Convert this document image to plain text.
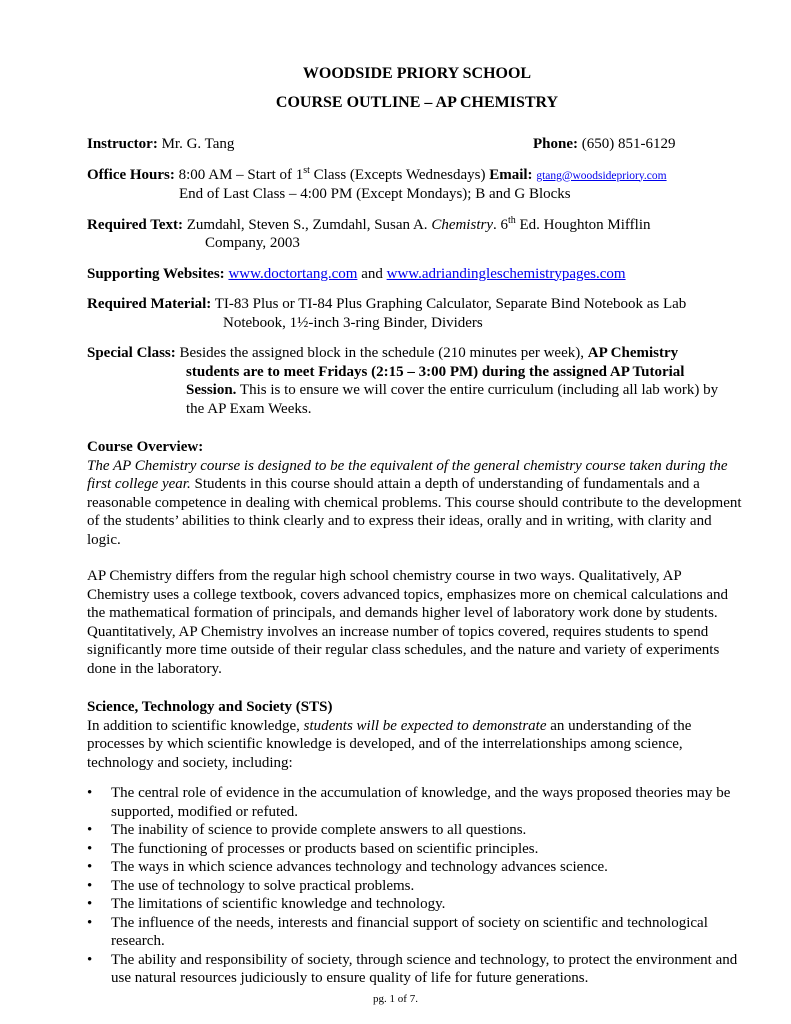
WOODSIDE PRIORY SCHOOL
COURSE OUTLINE – AP CHEMISTRY
Instructor: Mr. G. Tang	Phone: (650) 851-6129
Office Hours: 8:00 AM – Start of 1st Class (Excepts Wednesdays) Email: gtang@woodsidepriory.com
End of Last Class – 4:00 PM (Except Mondays); B and G Blocks
Required Text: Zumdahl, Steven S., Zumdahl, Susan A. Chemistry. 6th Ed. Houghton Mifflin
Company, 2003
Supporting Websites: www.doctortang.com and www.adriandingleschemistrypages.com
Required Material: TI-83 Plus or TI-84 Plus Graphing Calculator, Separate Bind Notebook as Lab
Notebook, 1½-inch 3-ring Binder, Dividers
Special Class: Besides the assigned block in the schedule (210 minutes per week), AP Chemistry
students are to meet Fridays (2:15 – 3:00 PM) during the assigned AP Tutorial
Session. This is to ensure we will cover the entire curriculum (including all lab work) by
the AP Exam Weeks.
Course Overview:
The AP Chemistry course is designed to be the equivalent of the general chemistry course taken during the first college year. Students in this course should attain a depth of understanding of fundamentals and a reasonable competence in dealing with chemical problems. This course should contribute to the development of the students’ abilities to think clearly and to express their ideas, orally and in writing, with clarity and logic.
AP Chemistry differs from the regular high school chemistry course in two ways. Qualitatively, AP Chemistry uses a college textbook, covers advanced topics, emphasizes more on chemical calculations and the mathematical formation of principals, and demands higher level of laboratory work done by students. Quantitatively, AP Chemistry involves an increase number of topics covered, requires students to spend significantly more time outside of their regular class schedules, and the nature and variety of experiments done in the laboratory.
Science, Technology and Society (STS)
In addition to scientific knowledge, students will be expected to demonstrate an understanding of the processes by which scientific knowledge is developed, and of the interrelationships among science, technology and society, including:
• The central role of evidence in the accumulation of knowledge, and the ways proposed theories may be supported, modified or refuted.
• The inability of science to provide complete answers to all questions.
• The functioning of processes or products based on scientific principles.
• The ways in which science advances technology and technology advances science.
• The use of technology to solve practical problems.
• The limitations of scientific knowledge and technology.
• The influence of the needs, interests and financial support of society on scientific and technological research.
• The ability and responsibility of society, through science and technology, to protect the environment and use natural resources judiciously to ensure quality of life for future generations.
pg. 1 of 7.
